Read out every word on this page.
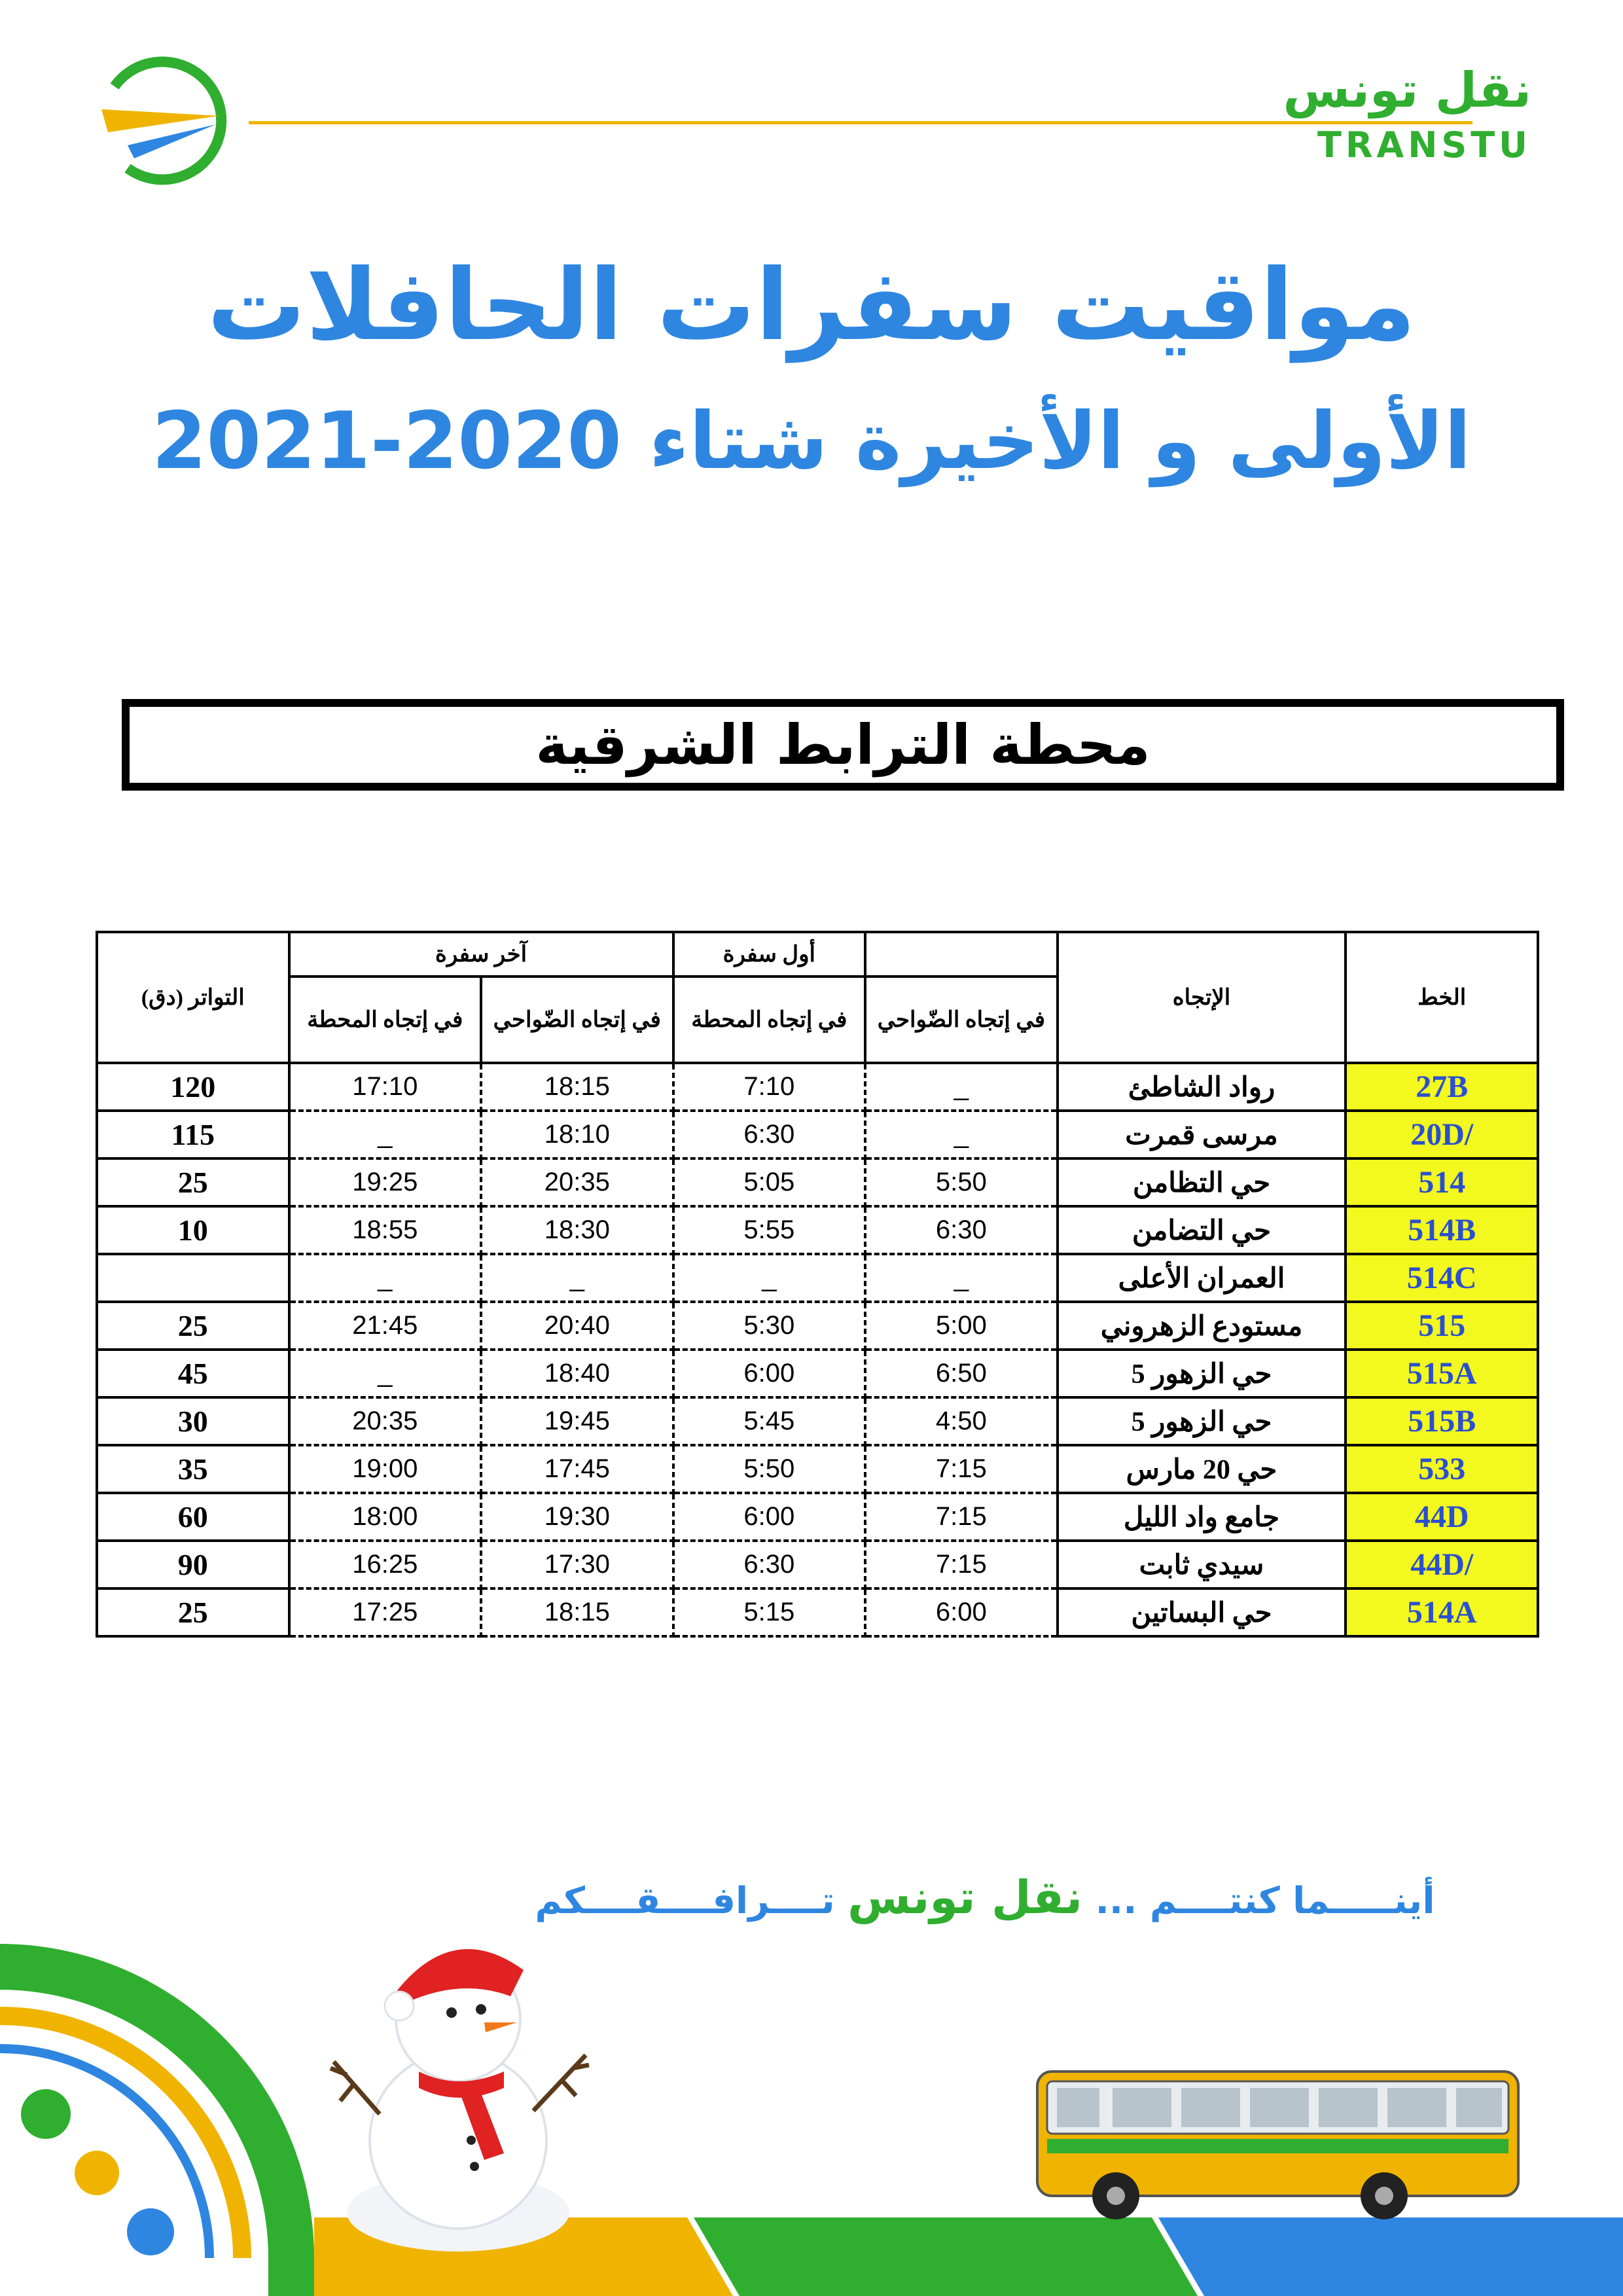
نقل تونس
TRANSTU
مواقيت سفرات الحافلات
الأولى و الأخيرة شتاء 2020-2021
محطة الترابط الشرقية
التواتر (دق)	آخر سفرة		أول سفرة		الإتجاه	الخط
	في إتجاه المحطة	في إتجاه الضّواحي	في إتجاه المحطة	في إتجاه الضّواحي		
120	17:10	18:15	7:10	_	رواد الشاطئ	27B
115	_	18:10	6:30	_	مرسى قمرت	20D/
25	19:25	20:35	5:05	5:50	حي التظامن	514
10	18:55	18:30	5:55	6:30	حي التضامن	514B
	_	_	_	_	العمران الأعلى	514C
25	21:45	20:40	5:30	5:00	مستودع الزهروني	515
45	_	18:40	6:00	6:50	حي الزهور 5	515A
30	20:35	19:45	5:45	4:50	حي الزهور 5	515B
35	19:00	17:45	5:50	7:15	حي 20 مارس	533
60	18:00	19:30	6:00	7:15	جامع واد الليل	44D
90	16:25	17:30	6:30	7:15	سيدي ثابت	44D/
25	17:25	18:15	5:15	6:00	حي البساتين	514A
أينـــــما كنتــــم ... نقل تونس تــــرافــــقــــكم
